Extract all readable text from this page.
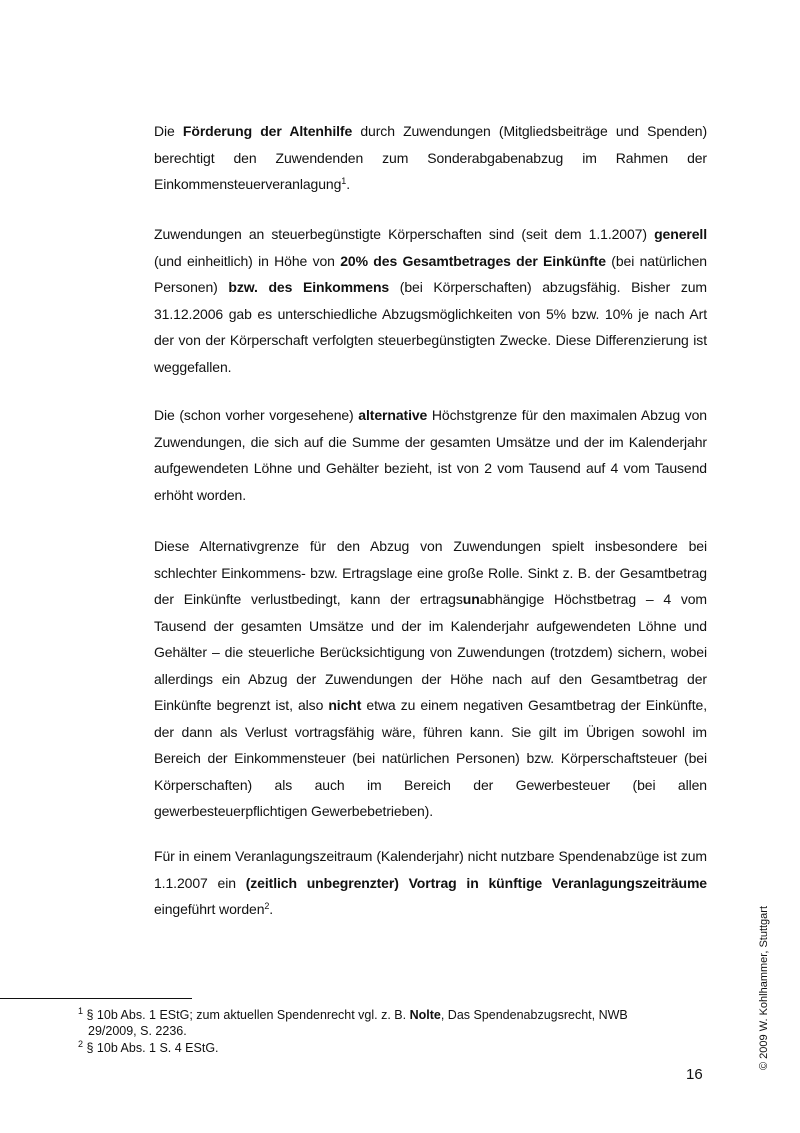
Die Förderung der Altenhilfe durch Zuwendungen (Mitgliedsbeiträge und Spenden) berechtigt den Zuwendenden zum Sonderabgabenabzug im Rahmen der Einkommensteuerveranlagung$^1$.

Zuwendungen an steuerbegünstigte Körperschaften sind (seit dem 1.1.2007) generell (und einheitlich) in Höhe von 20% des Gesamtbetrages der Einkünfte (bei natürlichen Personen) bzw. des Einkommens (bei Körperschaften) abzugsfähig. Bisher zum 31.12.2006 gab es unterschiedliche Abzugsmöglichkeiten von 5% bzw. 10% je nach Art der von der Körperschaft verfolgten steuerbegünstigten Zwecke. Diese Differenzierung ist weggefallen.

Die (schon vorher vorgesehene) alternative Höchstgrenze für den maximalen Abzug von Zuwendungen, die sich auf die Summe der gesamten Umsätze und der im Kalenderjahr aufgewendeten Löhne und Gehälter bezieht, ist von 2 vom Tausend auf 4 vom Tausend erhöht worden.

Diese Alternativgrenze für den Abzug von Zuwendungen spielt insbesondere bei schlechter Einkommens- bzw. Ertragslage eine große Rolle. Sinkt z. B. der Gesamtbetrag der Einkünfte verlustbedingt, kann der ertragsunabhängige Höchstbetrag – 4 vom Tausend der gesamten Umsätze und der im Kalenderjahr aufgewendeten Löhne und Gehälter – die steuerliche Berücksichtigung von Zuwendungen (trotzdem) sichern, wobei allerdings ein Abzug der Zuwendungen der Höhe nach auf den Gesamtbetrag der Einkünfte begrenzt ist, also nicht etwa zu einem negativen Gesamtbetrag der Einkünfte, der dann als Verlust vortragsfähig wäre, führen kann. Sie gilt im Übrigen sowohl im Bereich der Einkommensteuer (bei natürlichen Personen) bzw. Körperschaftsteuer (bei Körperschaften) als auch im Bereich der Gewerbesteuer (bei allen gewerbesteuerpflichtigen Gewerbebetrieben).

Für in einem Veranlagungszeitraum (Kalenderjahr) nicht nutzbare Spendenabzüge ist zum 1.1.2007 ein (zeitlich unbegrenzter) Vortrag in künftige Veranlagungszeiträume eingeführt worden$^2$.

$^1$ § 10b Abs. 1 EStG; zum aktuellen Spendenrecht vgl. z. B. Nolte, Das Spendenabzugsrecht, NWB
29/2009, S. 2236.

$^2$ § 10b Abs. 1 S. 4 EStG.

16
© 2009 W. Kohlhammer, Stuttgart
